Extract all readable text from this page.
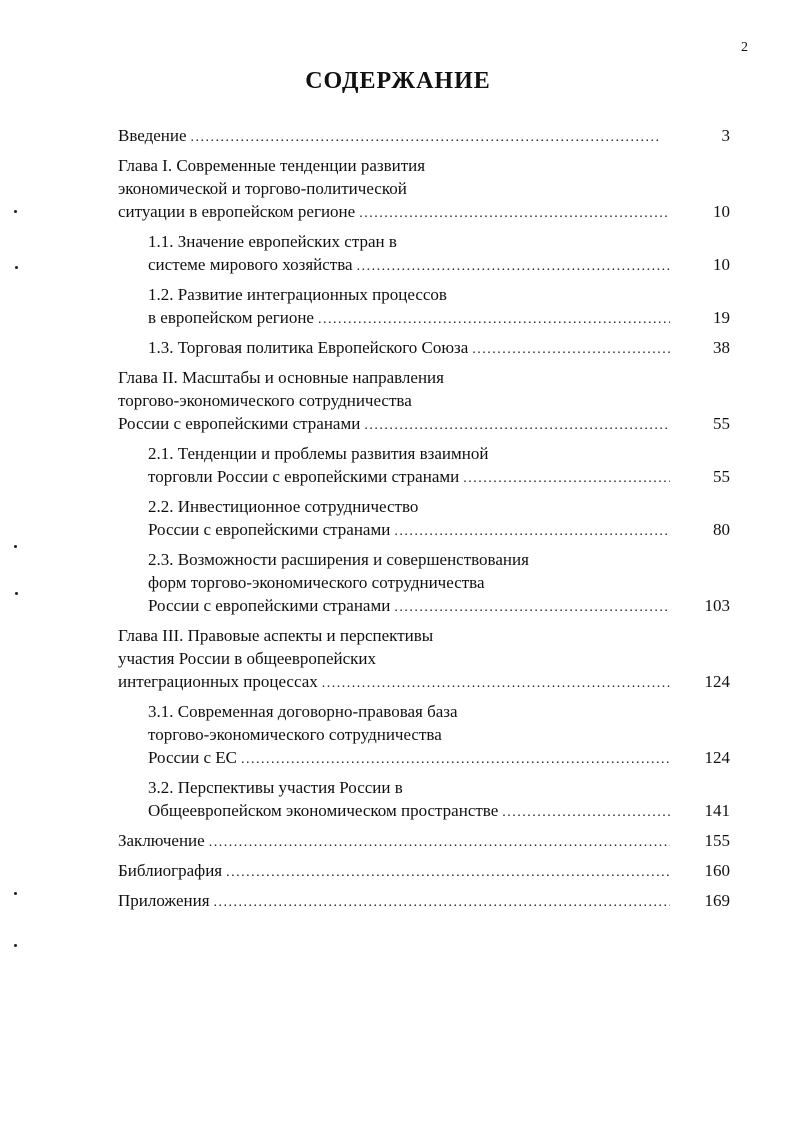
2
СОДЕРЖАНИЕ
Введение . . .	3
Глава I. Современные тенденции развития
экономической и торгово-политической
ситуации в европейском регионе . . .	10
1.1. Значение европейских стран в
системе мирового хозяйства . . .	10
1.2. Развитие интеграционных процессов
в европейском регионе . . .	19
1.3. Торговая политика Европейского Союза . . .	38
Глава II. Масштабы и основные направления
торгово-экономического сотрудничества
России с европейскими странами . . .	55
2.1. Тенденции и проблемы развития взаимной
торговли России с европейскими странами . . .	55
2.2. Инвестиционное сотрудничество
России с европейскими странами . . .	80
2.3. Возможности расширения и совершенствования
форм торгово-экономического сотрудничества
России с европейскими странами . . .	103
Глава III. Правовые аспекты и перспективы
участия России в общеевропейских
интеграционных процессах . . .	124
3.1. Современная договорно-правовая база
торгово-экономического сотрудничества
России с ЕС . . .	124
3.2. Перспективы участия России в
Общеевропейском экономическом пространстве . . .	141
Заключение . . .	155
Библиография . . .	160
Приложения . . .	169
